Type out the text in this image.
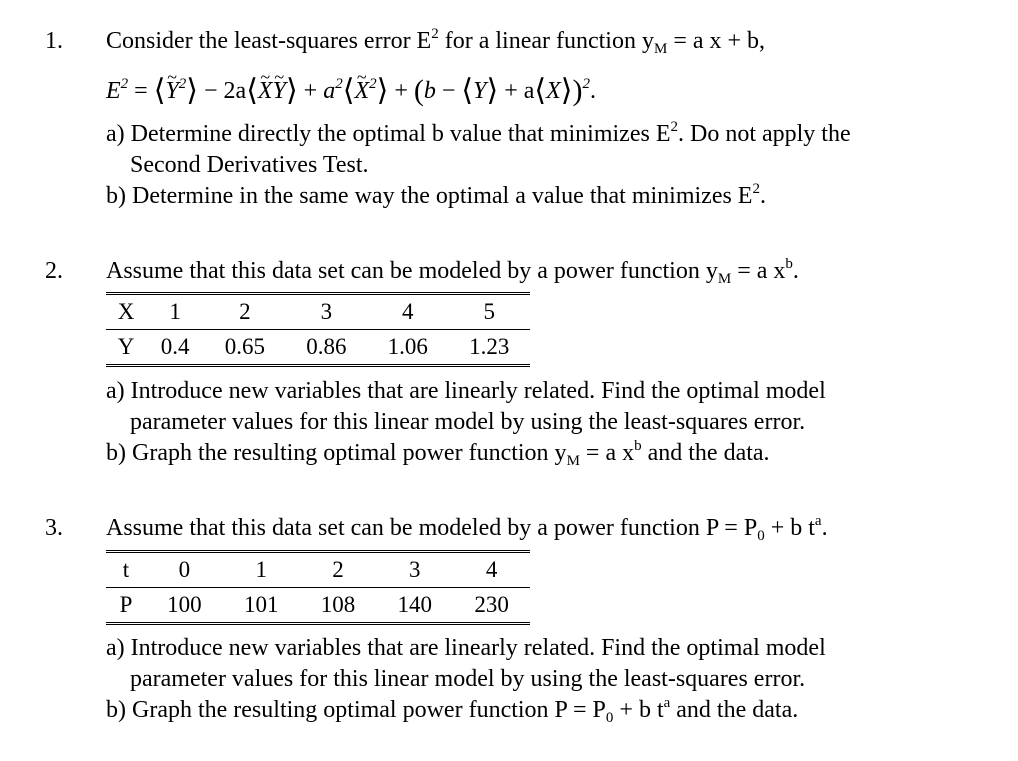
1. Consider the least-squares error $E^2$ for a linear function $y_M = a$ x + b,
$E^2$ = ⟨~ $Y^2⟩$ − 2a⟨~ X~ Y⟩ + $a^2⟨\sim$ $X^2⟩ + (b$ − ⟨Y⟩ + a⟨X⟩)$^2$.
a) Determine directly the optimal b value that minimizes $E^2$. Do not apply the
Second Derivatives Test.
b) Determine in the same way the optimal a value that minimizes $E^2$.
2. Assume that this data set can be modeled by a power function $y_M = a$ $x^b$.
X	1	2	3	4	5
Y	0.4	0.65	0.86	1.06	1.23
a) Introduce new variables that are linearly related. Find the optimal model
parameter values for this linear model by using the least-squares error.
b) Graph the resulting optimal power function $y_M = a$ $x^b$ and the data.
3. Assume that this data set can be modeled by a power function $P = P_0 + b$ $t^a$.
t	0	1	2	3	4
P	100	101	108	140	230
a) Introduce new variables that are linearly related. Find the optimal model
parameter values for this linear model by using the least-squares error.
b) Graph the resulting optimal power function $P = P_0 + b$ $t^a$ and the data.
